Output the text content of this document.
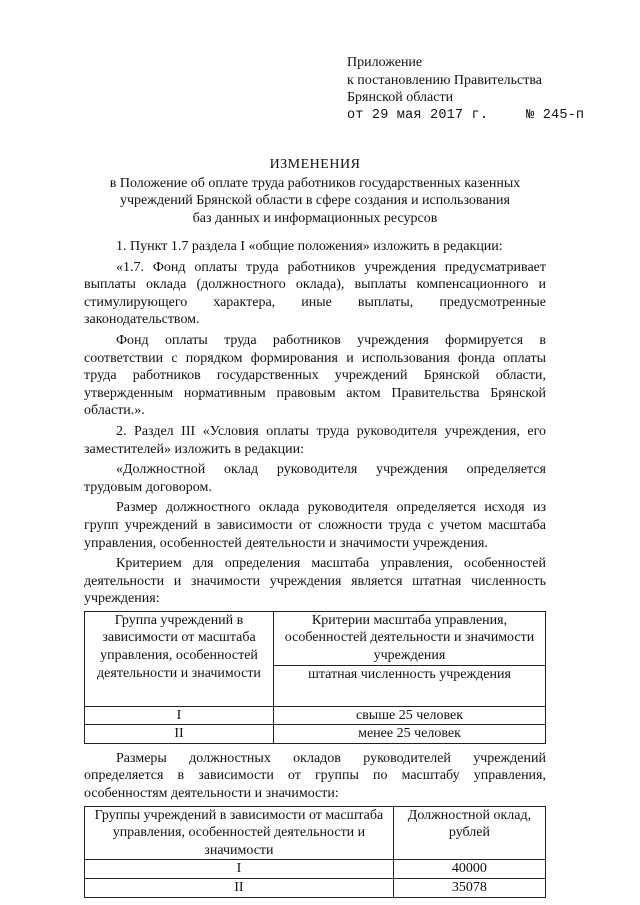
Приложение
к постановлению Правительства
Брянской области
от 29 мая 2017 г.	№ 245-п
ИЗМЕНЕНИЯ
в Положение об оплате труда работников государственных казенных
учреждений Брянской области в сфере создания и использования
баз данных и информационных ресурсов

1. Пункт 1.7 раздела I «общие положения» изложить в редакции:

«1.7. Фонд оплаты труда работников учреждения предусматривает выплаты оклада (должностного оклада), выплаты компенсационного и стимулирующего характера, иные выплаты, предусмотренные законодательством.

Фонд оплаты труда работников учреждения формируется в соответствии с порядком формирования и использования фонда оплаты труда работников государственных учреждений Брянской области, утвержденным нормативным правовым актом Правительства Брянской области.».

2. Раздел III «Условия оплаты труда руководителя учреждения, его заместителей» изложить в редакции:

«Должностной оклад руководителя учреждения определяется трудовым договором.

Размер должностного оклада руководителя определяется исходя из групп учреждений в зависимости от сложности труда с учетом масштаба управления, особенностей деятельности и значимости учреждения.

Критерием для определения масштаба управления, особенностей деятельности и значимости учреждения является штатная численность учреждения:

Группа учреждений в зависимости от масштаба управления, особенностей деятельности и значимости	Критерии масштаба управления, особенностей деятельности и значимости учреждения
	штатная численность учреждения
I	свыше 25 человек
II	менее 25 человек

Размеры должностных окладов руководителей учреждений определяется в зависимости от группы по масштабу управления, особенностям деятельности и значимости:

Группы учреждений в зависимости от масштаба управления, особенностей деятельности и значимости	Должностной оклад, рублей
I	40000
II	35078
